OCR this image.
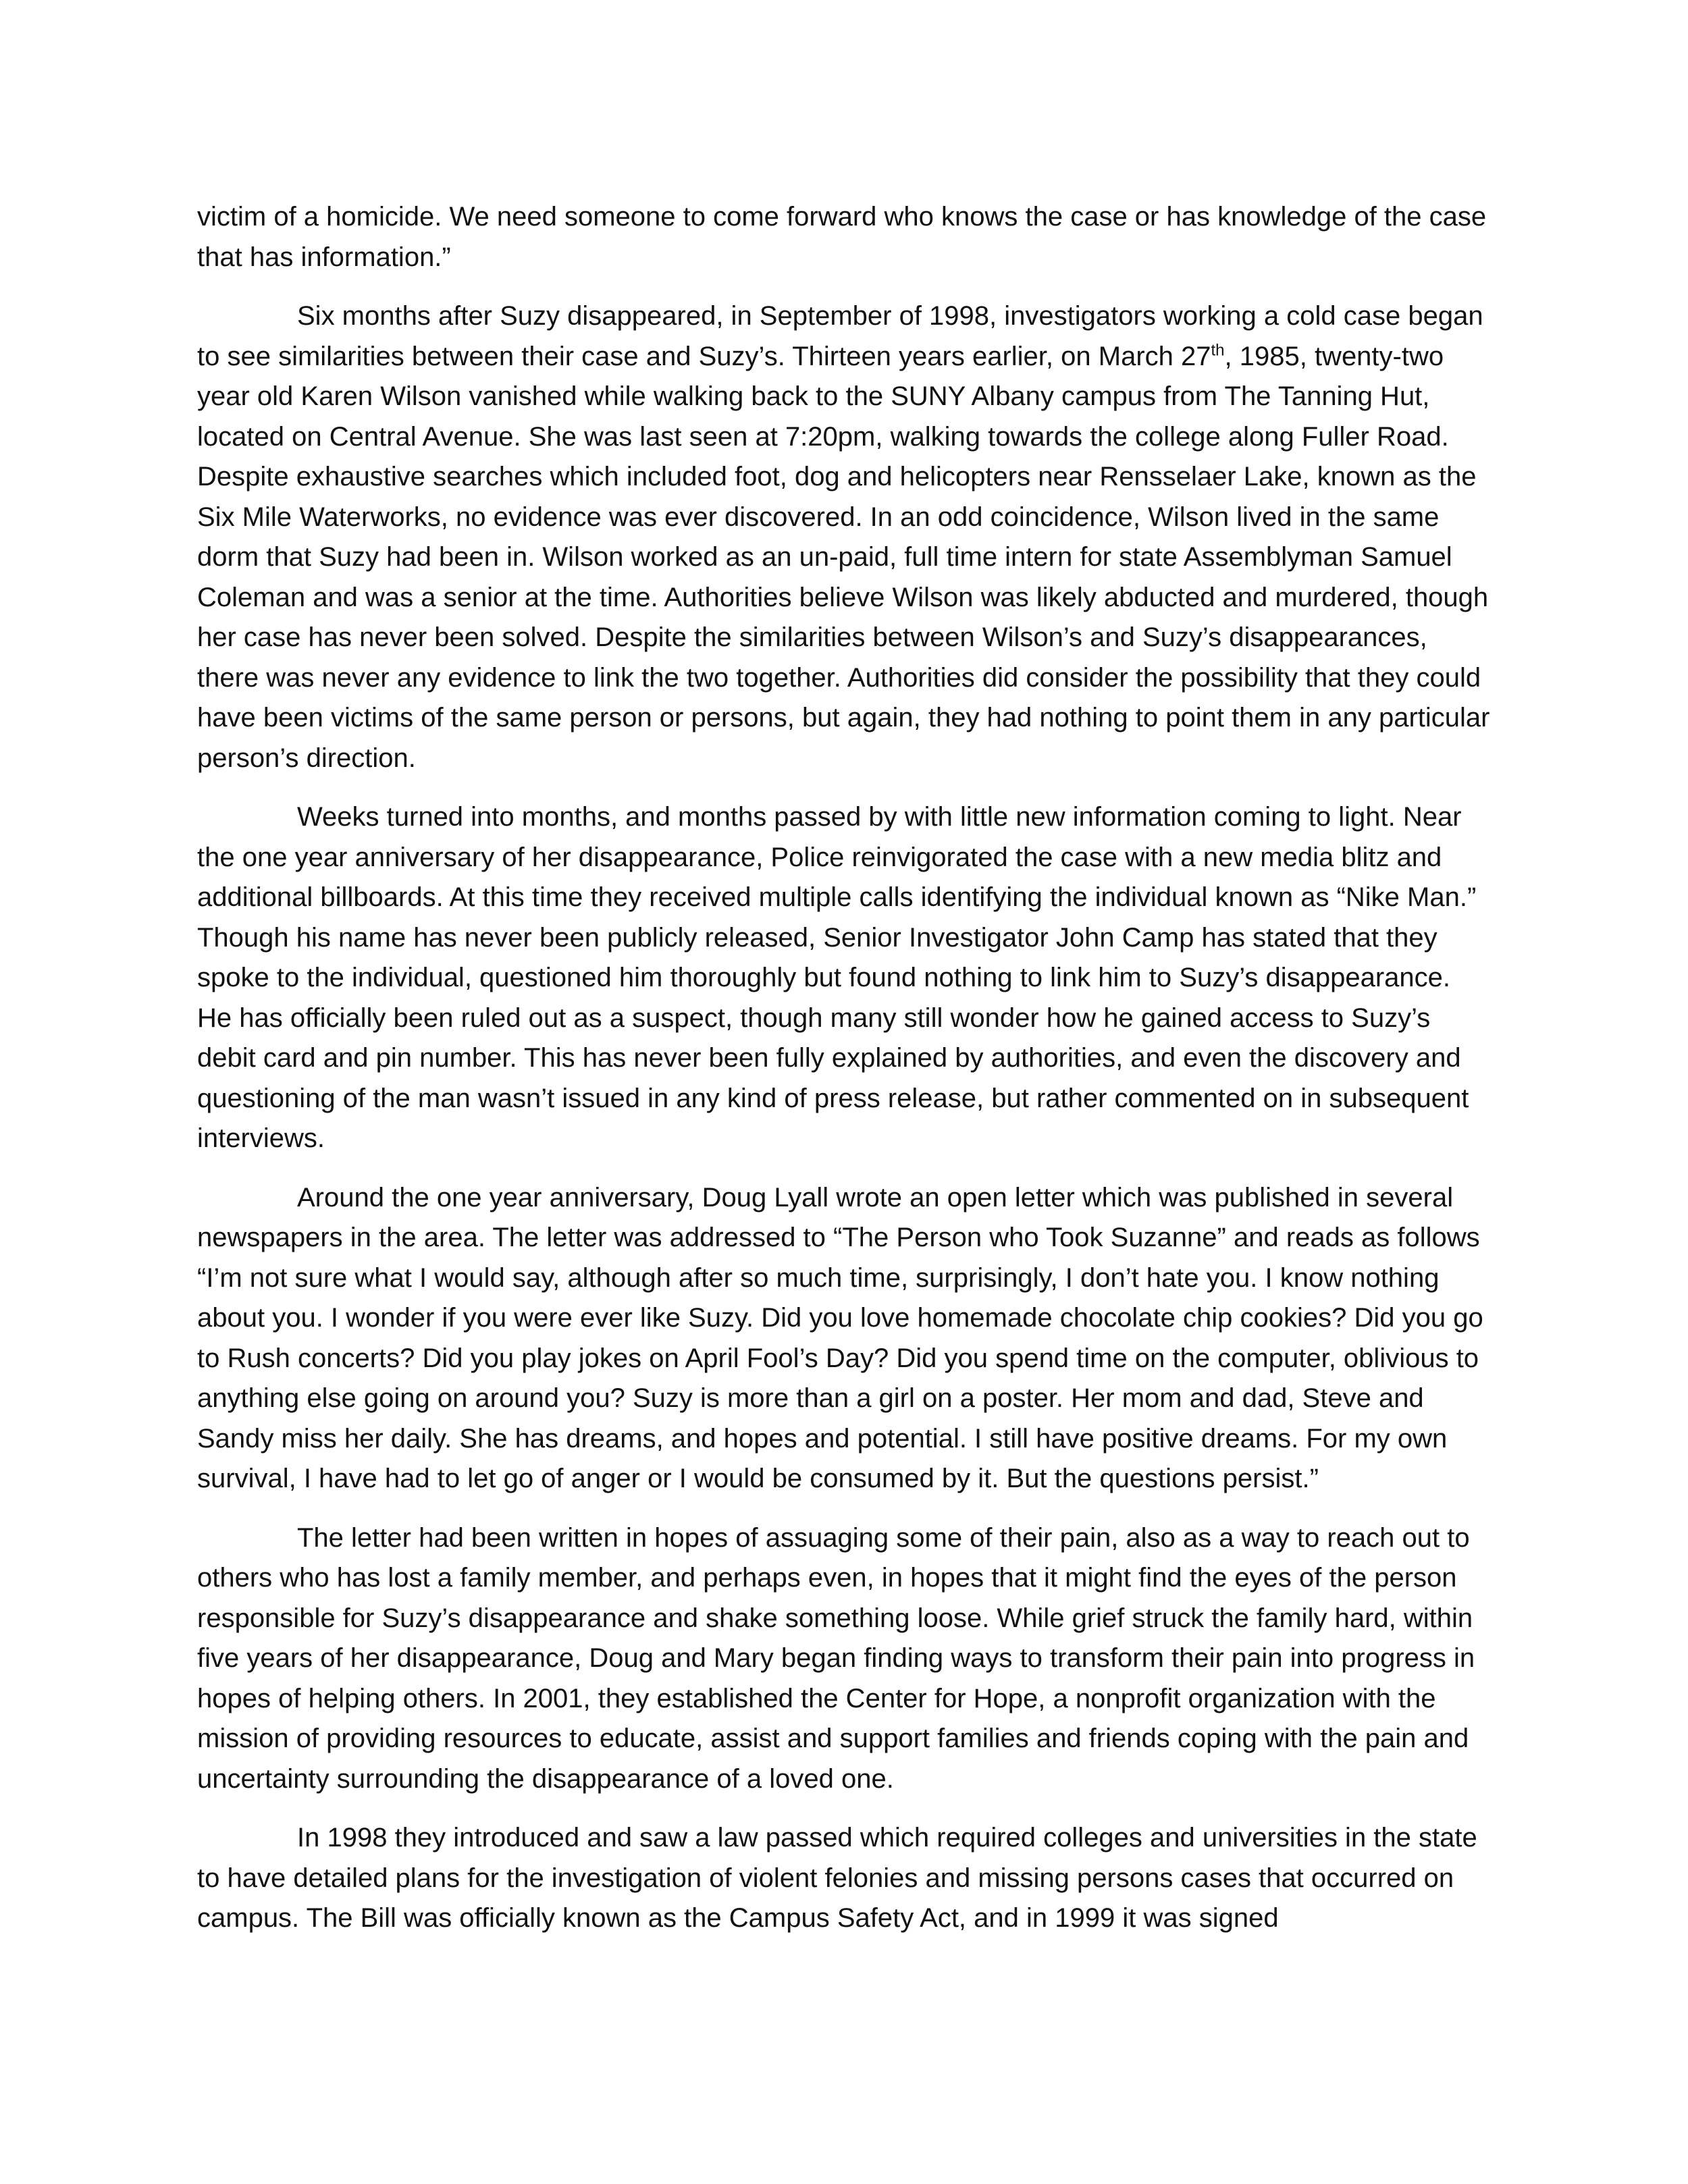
victim of a homicide. We need someone to come forward who knows the case or has knowledge of the case that has information.”

Six months after Suzy disappeared, in September of 1998, investigators working a cold case began to see similarities between their case and Suzy’s. Thirteen years earlier, on March 27th, 1985, twenty-two year old Karen Wilson vanished while walking back to the SUNY Albany campus from The Tanning Hut, located on Central Avenue. She was last seen at 7:20pm, walking towards the college along Fuller Road. Despite exhaustive searches which included foot, dog and helicopters near Rensselaer Lake, known as the Six Mile Waterworks, no evidence was ever discovered. In an odd coincidence, Wilson lived in the same dorm that Suzy had been in. Wilson worked as an un-paid, full time intern for state Assemblyman Samuel Coleman and was a senior at the time. Authorities believe Wilson was likely abducted and murdered, though her case has never been solved. Despite the similarities between Wilson’s and Suzy’s disappearances, there was never any evidence to link the two together. Authorities did consider the possibility that they could have been victims of the same person or persons, but again, they had nothing to point them in any particular person’s direction.

Weeks turned into months, and months passed by with little new information coming to light. Near the one year anniversary of her disappearance, Police reinvigorated the case with a new media blitz and additional billboards. At this time they received multiple calls identifying the individual known as “Nike Man.” Though his name has never been publicly released, Senior Investigator John Camp has stated that they spoke to the individual, questioned him thoroughly but found nothing to link him to Suzy’s disappearance. He has officially been ruled out as a suspect, though many still wonder how he gained access to Suzy’s debit card and pin number. This has never been fully explained by authorities, and even the discovery and questioning of the man wasn’t issued in any kind of press release, but rather commented on in subsequent interviews.

Around the one year anniversary, Doug Lyall wrote an open letter which was published in several newspapers in the area. The letter was addressed to “The Person who Took Suzanne” and reads as follows “I’m not sure what I would say, although after so much time, surprisingly, I don’t hate you. I know nothing about you. I wonder if you were ever like Suzy. Did you love homemade chocolate chip cookies? Did you go to Rush concerts? Did you play jokes on April Fool’s Day? Did you spend time on the computer, oblivious to anything else going on around you? Suzy is more than a girl on a poster. Her mom and dad, Steve and Sandy miss her daily. She has dreams, and hopes and potential. I still have positive dreams. For my own survival, I have had to let go of anger or I would be consumed by it. But the questions persist.”

The letter had been written in hopes of assuaging some of their pain, also as a way to reach out to others who has lost a family member, and perhaps even, in hopes that it might find the eyes of the person responsible for Suzy’s disappearance and shake something loose. While grief struck the family hard, within five years of her disappearance, Doug and Mary began finding ways to transform their pain into progress in hopes of helping others. In 2001, they established the Center for Hope, a nonprofit organization with the mission of providing resources to educate, assist and support families and friends coping with the pain and uncertainty surrounding the disappearance of a loved one.

In 1998 they introduced and saw a law passed which required colleges and universities in the state to have detailed plans for the investigation of violent felonies and missing persons cases that occurred on campus. The Bill was officially known as the Campus Safety Act, and in 1999 it was signed
